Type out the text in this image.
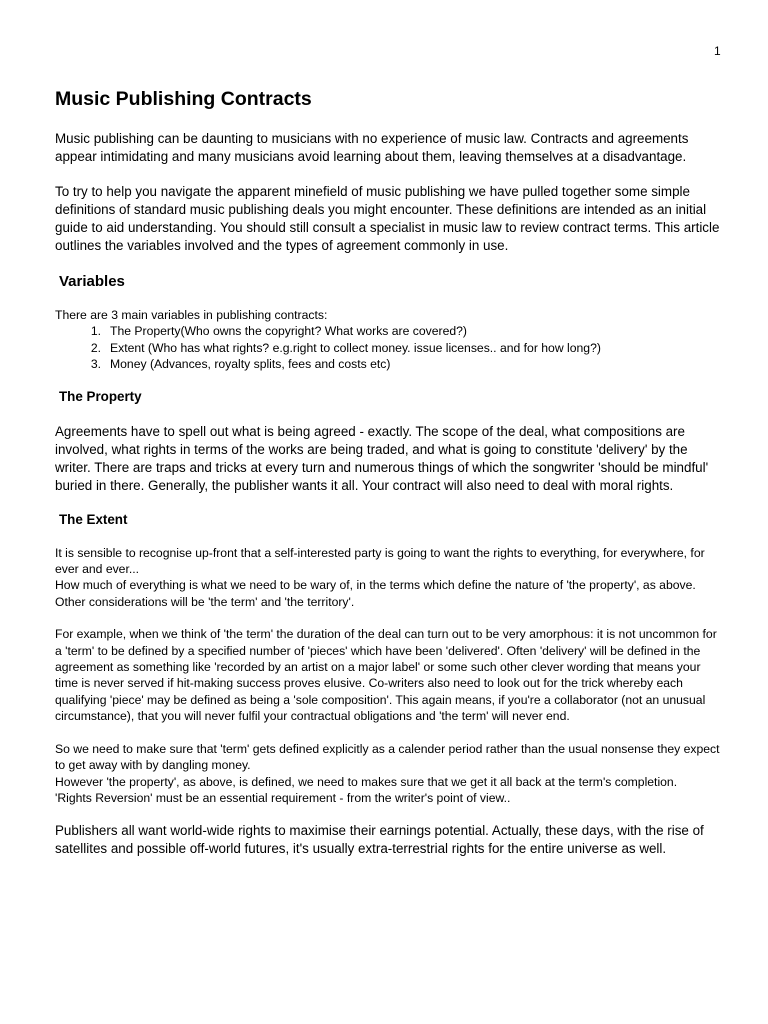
1
Music Publishing Contracts

Music publishing can be daunting to musicians with no experience of music law. Contracts and agreements appear intimidating and many musicians avoid learning about them, leaving themselves at a disadvantage.

To try to help you navigate the apparent minefield of music publishing we have pulled together some simple definitions of standard music publishing deals you might encounter. These definitions are intended as an initial guide to aid understanding. You should still consult a specialist in music law to review contract terms. This article outlines the variables involved and the types of agreement commonly in use.

Variables

There are 3 main variables in publishing contracts:

1. The Property(Who owns the copyright? What works are covered?)
2. Extent (Who has what rights? e.g.right to collect money. issue licenses.. and for how long?)
3. Money (Advances, royalty splits, fees and costs etc)
The Property

Agreements have to spell out what is being agreed - exactly. The scope of the deal, what compositions are involved, what rights in terms of the works are being traded, and what is going to constitute 'delivery' by the writer. There are traps and tricks at every turn and numerous things of which the songwriter 'should be mindful' buried in there. Generally, the publisher wants it all. Your contract will also need to deal with moral rights.

The Extent

It is sensible to recognise up-front that a self-interested party is going to want the rights to everything, for everywhere, for ever and ever...

How much of everything is what we need to be wary of, in the terms which define the nature of 'the property', as above. Other considerations will be 'the term' and 'the territory'.

For example, when we think of 'the term' the duration of the deal can turn out to be very amorphous: it is not uncommon for a 'term' to be defined by a specified number of 'pieces' which have been 'delivered'. Often 'delivery' will be defined in the agreement as something like 'recorded by an artist on a major label' or some such other clever wording that means your time is never served if hit-making success proves elusive. Co-writers also need to look out for the trick whereby each qualifying 'piece' may be defined as being a 'sole composition'. This again means, if you're a collaborator (not an unusual circumstance), that you will never fulfil your contractual obligations and 'the term' will never end.

So we need to make sure that 'term' gets defined explicitly as a calender period rather than the usual nonsense they expect to get away with by dangling money.

However 'the property', as above, is defined, we need to makes sure that we get it all back at the term's completion.

'Rights Reversion' must be an essential requirement - from the writer's point of view..

Publishers all want world-wide rights to maximise their earnings potential. Actually, these days, with the rise of satellites and possible off-world futures, it's usually extra-terrestrial rights for the entire universe as well.
